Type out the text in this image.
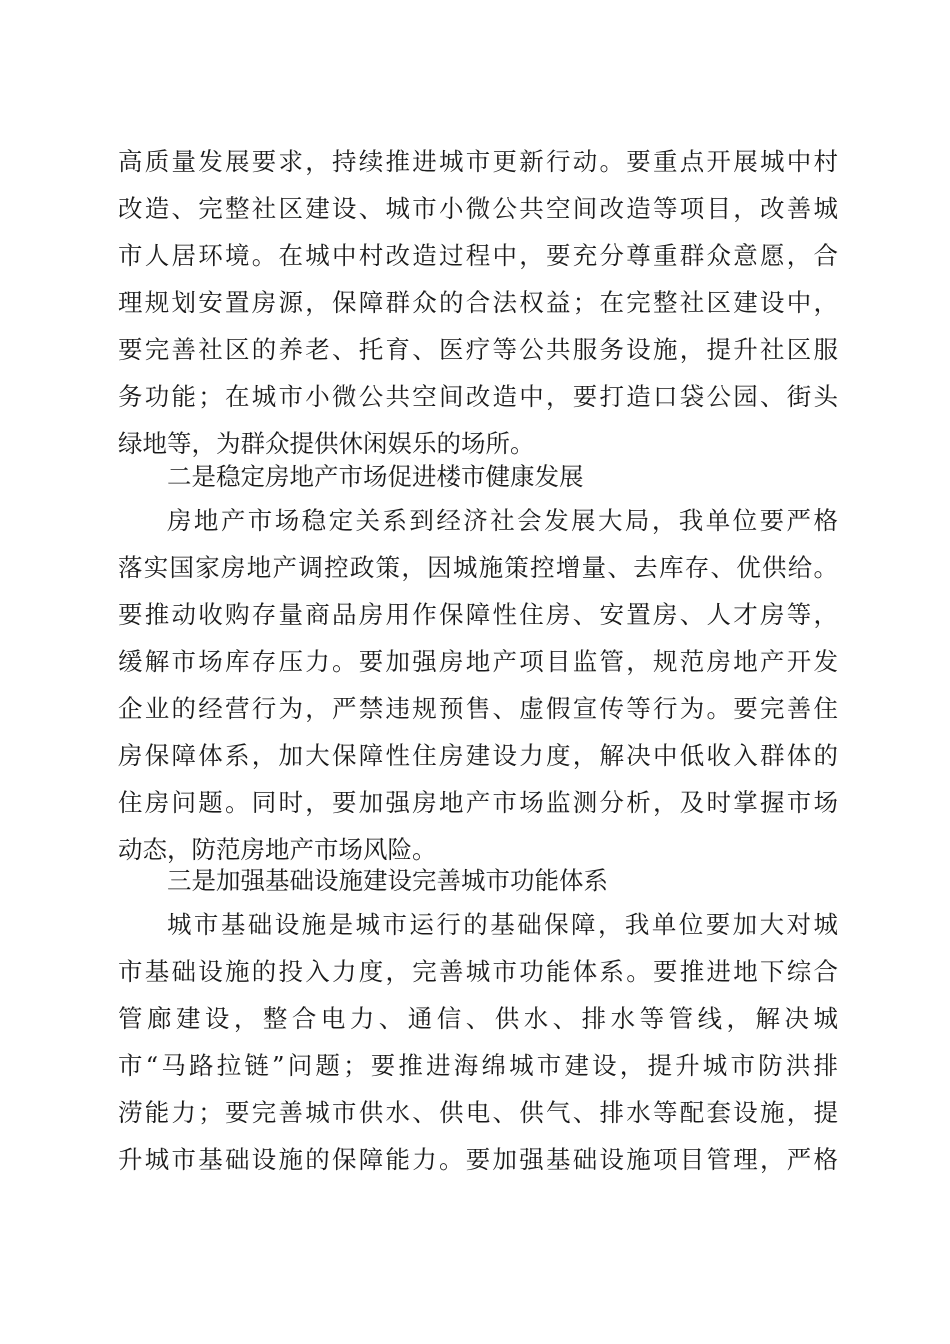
高质量发展要求，持续推进城市更新行动。要重点开展城中村
改造、完整社区建设、城市小微公共空间改造等项目，改善城
市人居环境。在城中村改造过程中，要充分尊重群众意愿，合
理规划安置房源，保障群众的合法权益；在完整社区建设中，
要完善社区的养老、托育、医疗等公共服务设施，提升社区服
务功能；在城市小微公共空间改造中，要打造口袋公园、街头
绿地等，为群众提供休闲娱乐的场所。
二是稳定房地产市场促进楼市健康发展
房地产市场稳定关系到经济社会发展大局，我单位要严格
落实国家房地产调控政策，因城施策控增量、去库存、优供给。
要推动收购存量商品房用作保障性住房、安置房、人才房等，
缓解市场库存压力。要加强房地产项目监管，规范房地产开发
企业的经营行为，严禁违规预售、虚假宣传等行为。要完善住
房保障体系，加大保障性住房建设力度，解决中低收入群体的
住房问题。同时，要加强房地产市场监测分析，及时掌握市场
动态，防范房地产市场风险。
三是加强基础设施建设完善城市功能体系
城市基础设施是城市运行的基础保障，我单位要加大对城
市基础设施的投入力度，完善城市功能体系。要推进地下综合
管廊建设，整合电力、通信、供水、排水等管线，解决城
市“马路拉链”问题；要推进海绵城市建设，提升城市防洪排
涝能力；要完善城市供水、供电、供气、排水等配套设施，提
升城市基础设施的保障能力。要加强基础设施项目管理，严格
